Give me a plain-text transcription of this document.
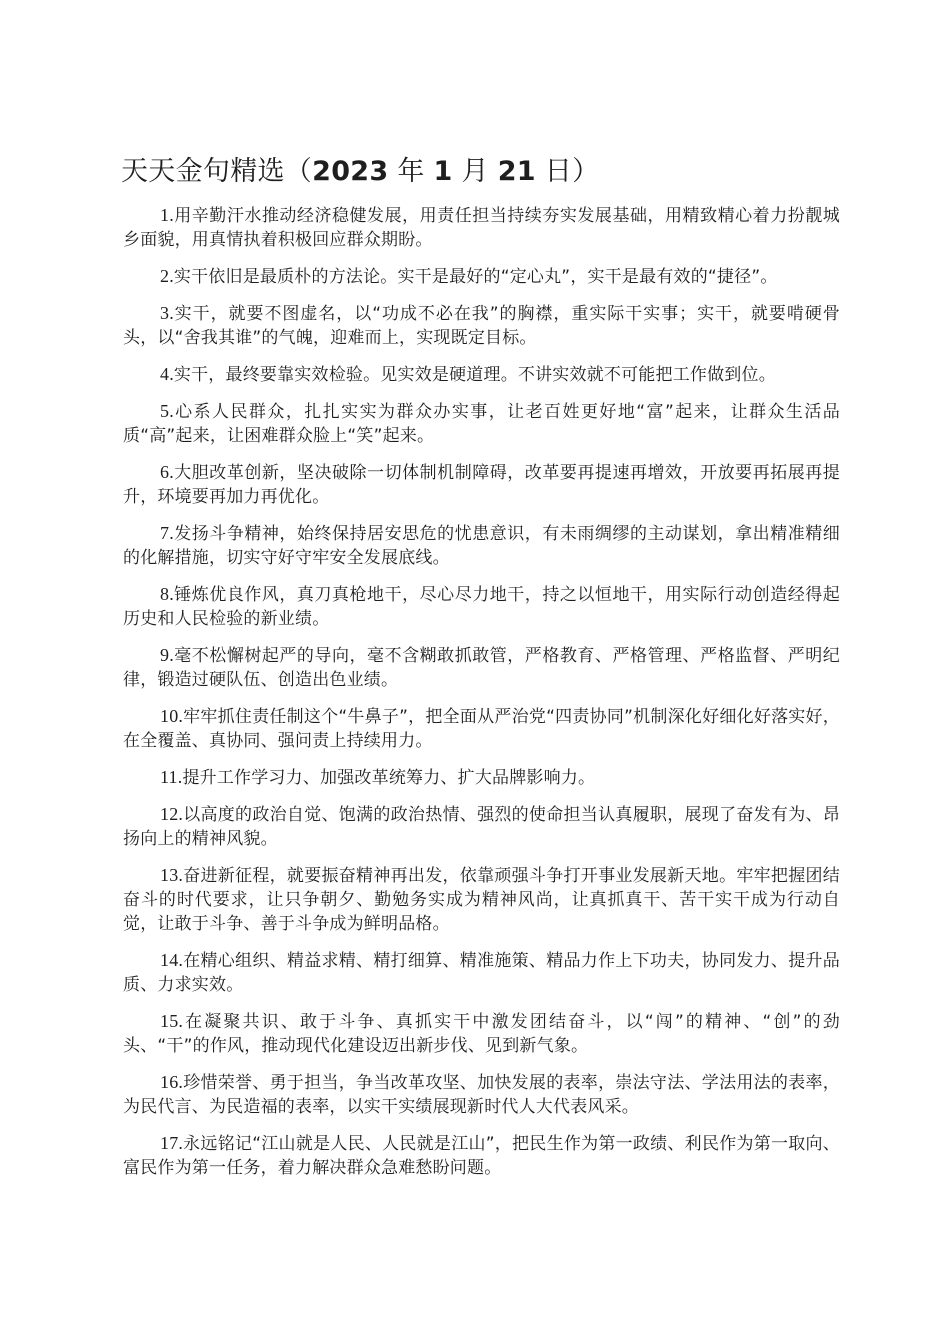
天天金句精选（2023 年 1 月 21 日）

1.用辛勤汗水推动经济稳健发展，用责任担当持续夯实发展基础，用精致精心着力扮靓城乡面貌，用真情执着积极回应群众期盼。

2.实干依旧是最质朴的方法论。实干是最好的“定心丸”，实干是最有效的“捷径”。

3.实干，就要不图虚名，以“功成不必在我”的胸襟，重实际干实事；实干，就要啃硬骨头，以“舍我其谁”的气魄，迎难而上，实现既定目标。

4.实干，最终要靠实效检验。见实效是硬道理。不讲实效就不可能把工作做到位。

5.心系人民群众，扎扎实实为群众办实事，让老百姓更好地“富”起来，让群众生活品质“高”起来，让困难群众脸上“笑”起来。

6.大胆改革创新，坚决破除一切体制机制障碍，改革要再提速再增效，开放要再拓展再提升，环境要再加力再优化。

7.发扬斗争精神，始终保持居安思危的忧患意识，有未雨绸缪的主动谋划，拿出精准精细的化解措施，切实守好守牢安全发展底线。

8.锤炼优良作风，真刀真枪地干，尽心尽力地干，持之以恒地干，用实际行动创造经得起历史和人民检验的新业绩。

9.毫不松懈树起严的导向，毫不含糊敢抓敢管，严格教育、严格管理、严格监督、严明纪律，锻造过硬队伍、创造出色业绩。

10.牢牢抓住责任制这个“牛鼻子”，把全面从严治党“四责协同”机制深化好细化好落实好，在全覆盖、真协同、强问责上持续用力。

11.提升工作学习力、加强改革统筹力、扩大品牌影响力。

12.以高度的政治自觉、饱满的政治热情、强烈的使命担当认真履职，展现了奋发有为、昂扬向上的精神风貌。

13.奋进新征程，就要振奋精神再出发，依靠顽强斗争打开事业发展新天地。牢牢把握团结奋斗的时代要求，让只争朝夕、勤勉务实成为精神风尚，让真抓真干、苦干实干成为行动自觉，让敢于斗争、善于斗争成为鲜明品格。

14.在精心组织、精益求精、精打细算、精准施策、精品力作上下功夫，协同发力、提升品质、力求实效。

15.在凝聚共识、敢于斗争、真抓实干中激发团结奋斗，以“闯”的精神、“创”的劲头、“干”的作风，推动现代化建设迈出新步伐、见到新气象。

16.珍惜荣誉、勇于担当，争当改革攻坚、加快发展的表率，崇法守法、学法用法的表率，为民代言、为民造福的表率，以实干实绩展现新时代人大代表风采。

17.永远铭记“江山就是人民、人民就是江山”，把民生作为第一政绩、利民作为第一取向、富民作为第一任务，着力解决群众急难愁盼问题。
